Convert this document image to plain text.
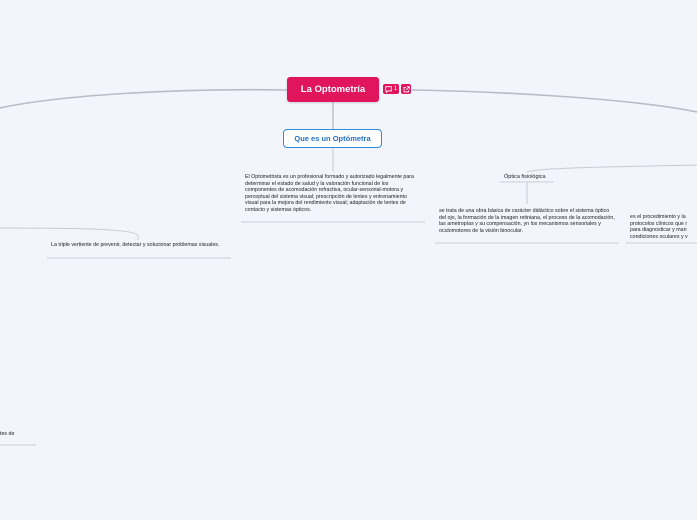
La Optometría	1
Que es un Optómetra
El Optometrista es un profesional formado y autorizado legalmente para determinar el estado de salud y la valoración funcional de los componentes de acomodación refractiva, ocular-sensorial-motora y perceptual del sistema visual; prescripción de lentes y entrenamiento visual para la mejora del rendimiento visual; adaptación de lentes de contacto y sistemas ópticos.
La triple vertiente de prevenir, detectar y solucionar problemas visuales.
tes de
Óptica fisiológica
se trata de una obra básica de carácter didáctico sobre el sistema óptico del ojo, la formación de la imagen retiniana, el proceso de la acomodación, las ametropías y su compensación, yn los mecanismos sensoriales y oculomotores de la visión binocular.
es el procedimiento y la protocolos clínicos que r para diagnosticar y man condiciones oculares y v
